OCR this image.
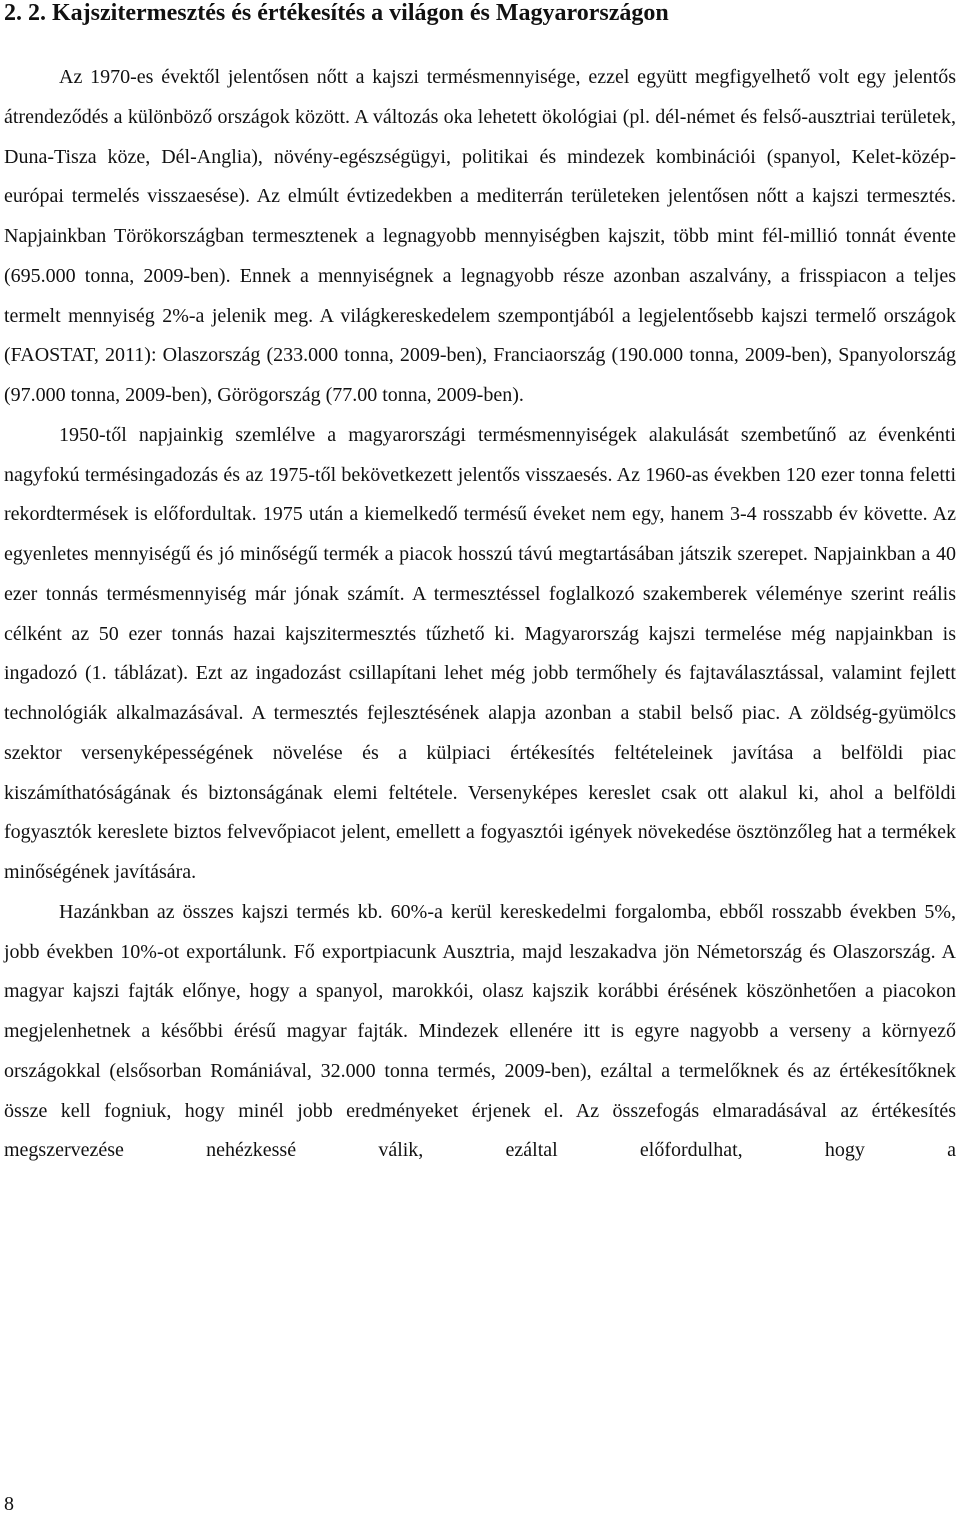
2. 2. Kajszitermesztés és értékesítés a világon és Magyarországon

Az 1970-es évektől jelentősen nőtt a kajszi termésmennyisége, ezzel együtt megfigyelhető volt egy jelentős átrendeződés a különböző országok között. A változás oka lehetett ökológiai (pl. dél-német és felső-ausztriai területek, Duna-Tisza köze, Dél-Anglia), növény-egészségügyi, politikai és mindezek kombinációi (spanyol, Kelet-közép-európai termelés visszaesése). Az elmúlt évtizedekben a mediterrán területeken jelentősen nőtt a kajszi termesztés. Napjainkban Törökországban termesztenek a legnagyobb mennyiségben kajszit, több mint fél-millió tonnát évente (695.000 tonna, 2009-ben). Ennek a mennyiségnek a legnagyobb része azonban aszalvány, a frisspiacon a teljes termelt mennyiség 2%-a jelenik meg. A világkereskedelem szempontjából a legjelentősebb kajszi termelő országok (FAOSTAT, 2011): Olaszország (233.000 tonna, 2009-ben), Franciaország (190.000 tonna, 2009-ben), Spanyolország (97.000 tonna, 2009-ben), Görögország (77.00 tonna, 2009-ben).

1950-től napjainkig szemlélve a magyarországi termésmennyiségek alakulását szembetűnő az évenkénti nagyfokú termésingadozás és az 1975-től bekövetkezett jelentős visszaesés. Az 1960-as években 120 ezer tonna feletti rekordtermések is előfordultak. 1975 után a kiemelkedő termésű éveket nem egy, hanem 3-4 rosszabb év követte. Az egyenletes mennyiségű és jó minőségű termék a piacok hosszú távú megtartásában játszik szerepet. Napjainkban a 40 ezer tonnás termésmennyiség már jónak számít. A termesztéssel foglalkozó szakemberek véleménye szerint reális célként az 50 ezer tonnás hazai kajszitermesztés tűzhető ki. Magyarország kajszi termelése még napjainkban is ingadozó (1. táblázat). Ezt az ingadozást csillapítani lehet még jobb termőhely és fajtaválasztással, valamint fejlett technológiák alkalmazásával. A termesztés fejlesztésének alapja azonban a stabil belső piac. A zöldség-gyümölcs szektor versenyképességének növelése és a külpiaci értékesítés feltételeinek javítása a belföldi piac kiszámíthatóságának és biztonságának elemi feltétele. Versenyképes kereslet csak ott alakul ki, ahol a belföldi fogyasztók kereslete biztos felvevőpiacot jelent, emellett a fogyasztói igények növekedése ösztönzőleg hat a termékek minőségének javítására.

Hazánkban az összes kajszi termés kb. 60%-a kerül kereskedelmi forgalomba, ebből rosszabb években 5%, jobb években 10%-ot exportálunk. Fő exportpiacunk Ausztria, majd leszakadva jön Németország és Olaszország. A magyar kajszi fajták előnye, hogy a spanyol, marokkói, olasz kajszik korábbi érésének köszönhetően a piacokon megjelenhetnek a későbbi érésű magyar fajták. Mindezek ellenére itt is egyre nagyobb a verseny a környező országokkal (elsősorban Romániával, 32.000 tonna termés, 2009-ben), ezáltal a termelőknek és az értékesítőknek össze kell fogniuk, hogy minél jobb eredményeket érjenek el. Az összefogás elmaradásával az értékesítés megszervezése nehézkessé válik, ezáltal előfordulhat, hogy a

8
